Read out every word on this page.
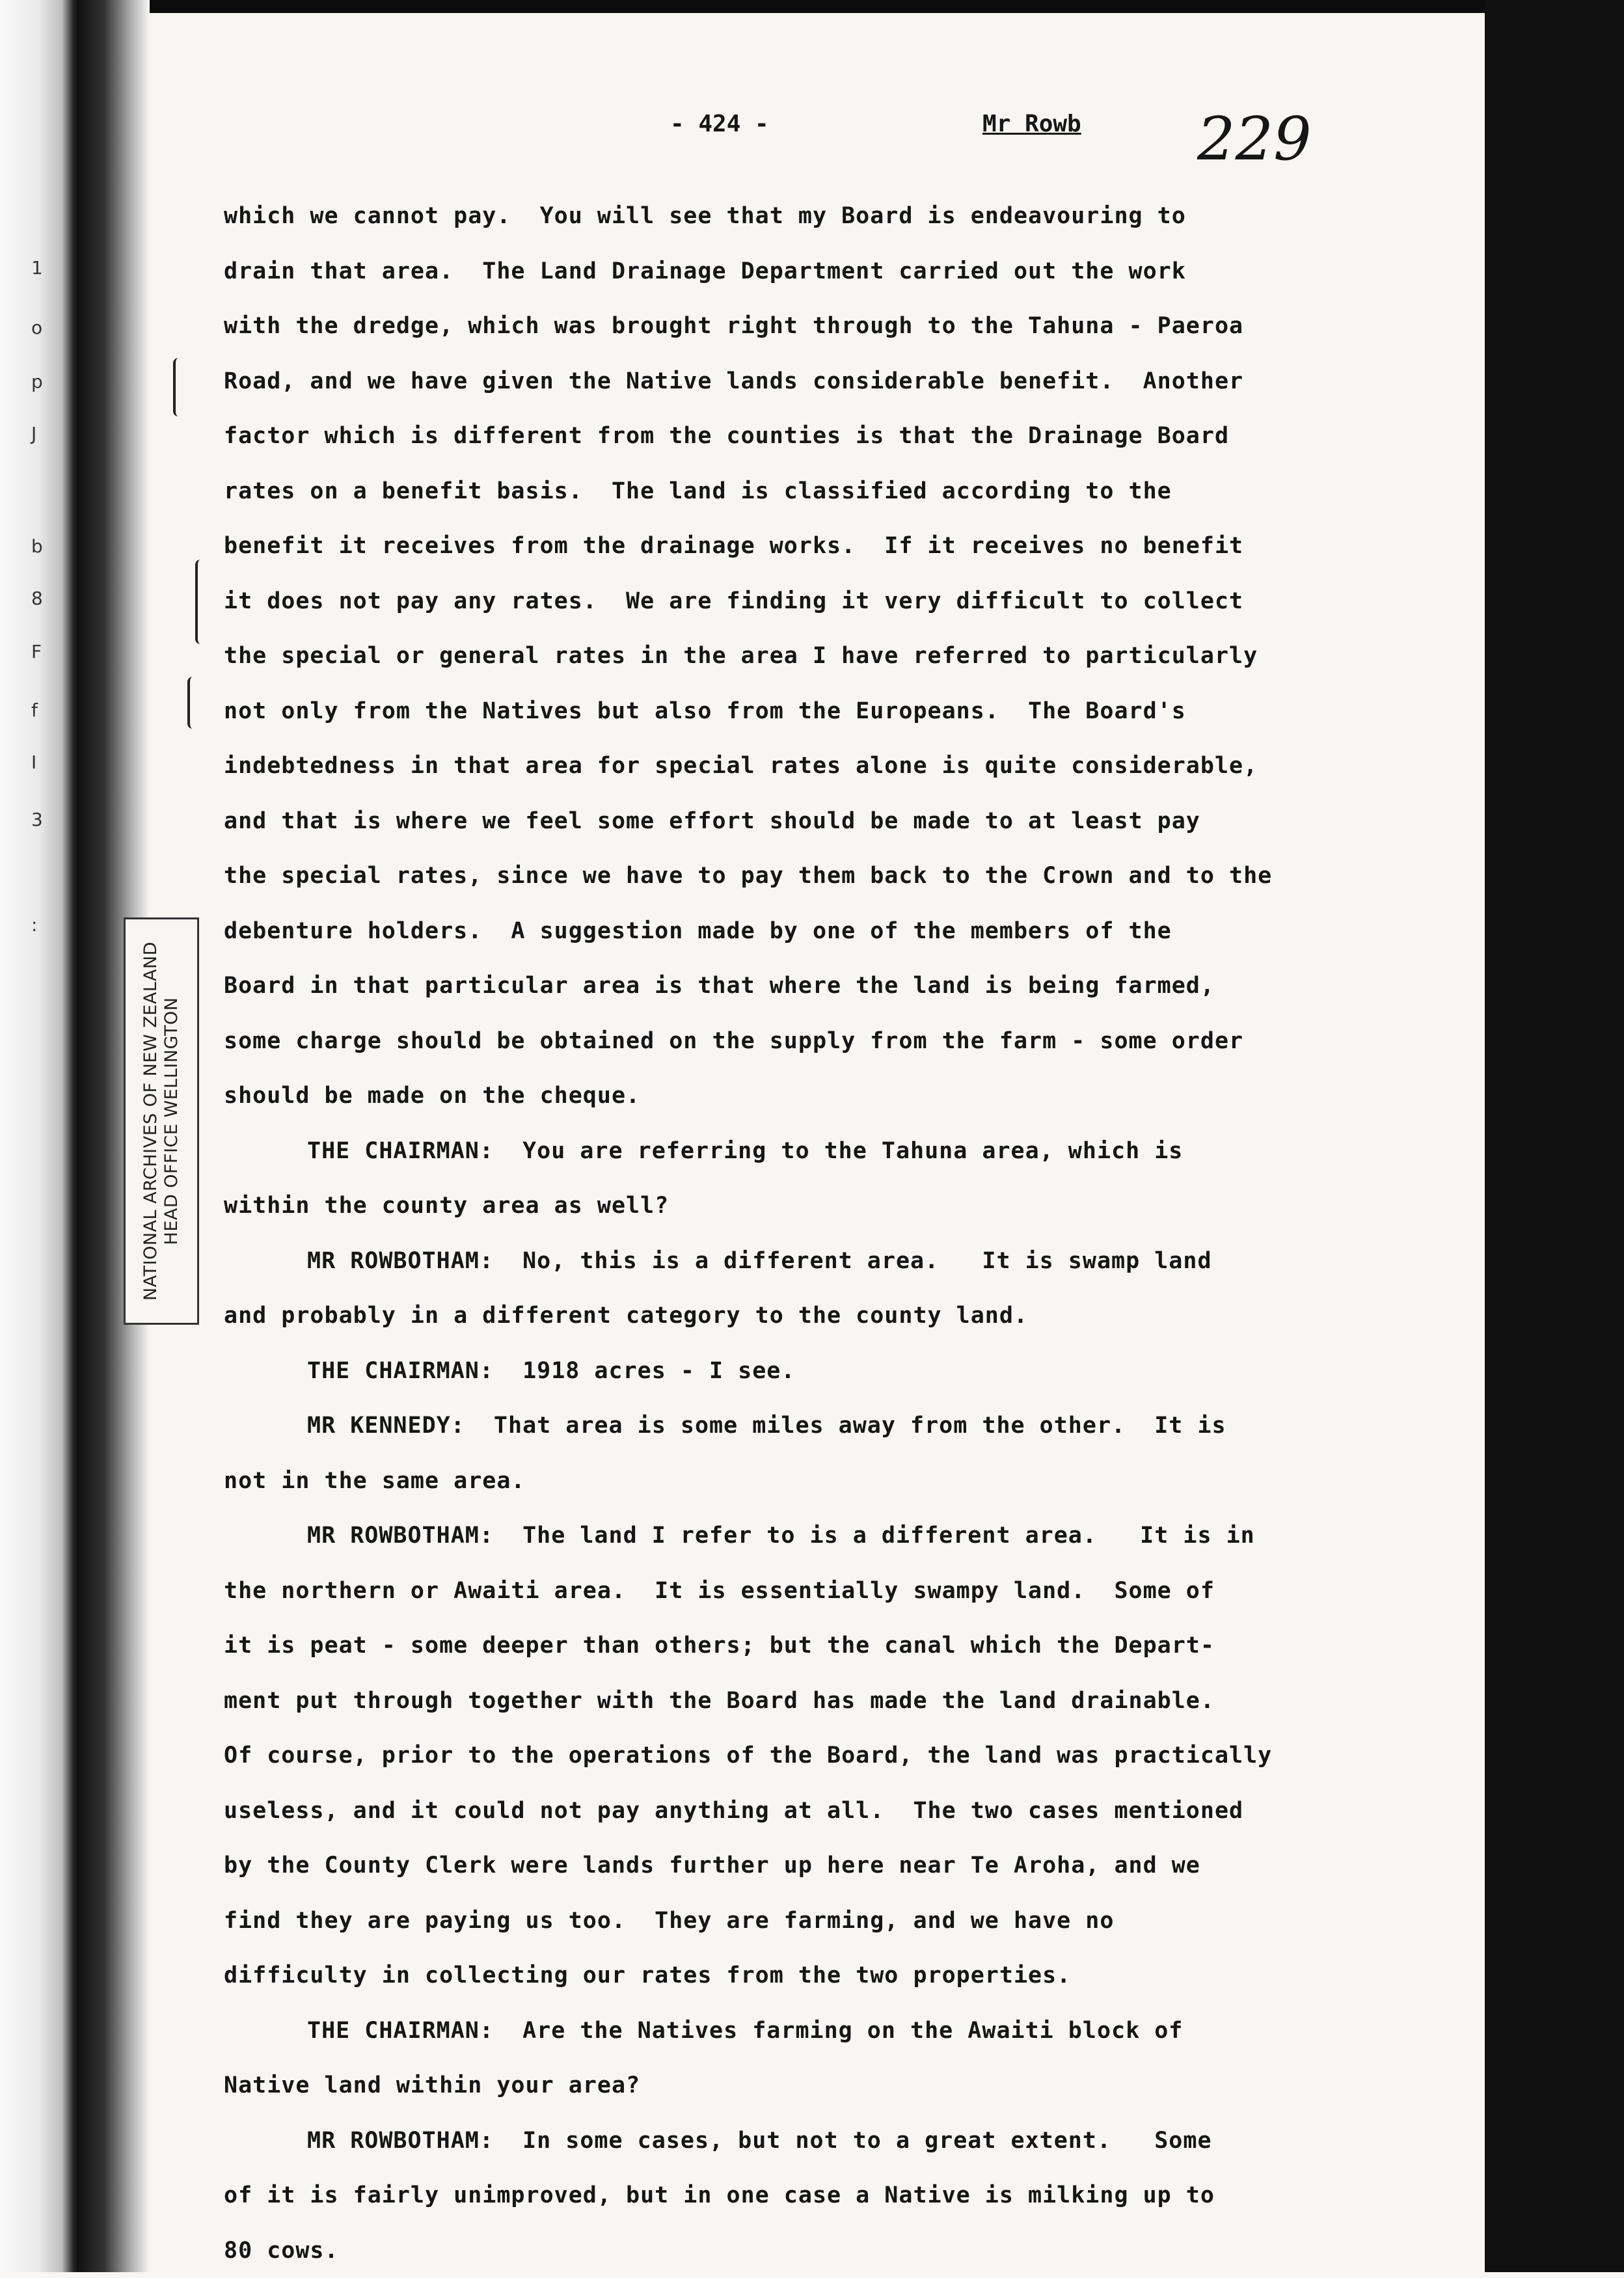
- 424 -	Mr Rowb 229
1
o
p
J
b
8
F
f
I
3
:
NATIONAL ARCHIVES OF NEW ZEALAND HEAD OFFICE WELLINGTON
which we cannot pay.  You will see that my Board is endeavouring to
drain that area.  The Land Drainage Department carried out the work
with the dredge, which was brought right through to the Tahuna - Paeroa
Road, and we have given the Native lands considerable benefit.  Another
factor which is different from the counties is that the Drainage Board
rates on a benefit basis.  The land is classified according to the
benefit it receives from the drainage works.  If it receives no benefit
it does not pay any rates.  We are finding it very difficult to collect
the special or general rates in the area I have referred to particularly
not only from the Natives but also from the Europeans.  The Board's
indebtedness in that area for special rates alone is quite considerable,
and that is where we feel some effort should be made to at least pay
the special rates, since we have to pay them back to the Crown and to the
debenture holders.  A suggestion made by one of the members of the
Board in that particular area is that where the land is being farmed,
some charge should be obtained on the supply from the farm - some order
should be made on the cheque.
THE CHAIRMAN:  You are referring to the Tahuna area, which is
within the county area as well?
MR ROWBOTHAM:  No, this is a different area.   It is swamp land
and probably in a different category to the county land.
THE CHAIRMAN:  1918 acres - I see.
MR KENNEDY:  That area is some miles away from the other.  It is
not in the same area.
MR ROWBOTHAM:  The land I refer to is a different area.   It is in
the northern or Awaiti area.  It is essentially swampy land.  Some of
it is peat - some deeper than others; but the canal which the Depart-
ment put through together with the Board has made the land drainable.
Of course, prior to the operations of the Board, the land was practically
useless, and it could not pay anything at all.  The two cases mentioned
by the County Clerk were lands further up here near Te Aroha, and we
find they are paying us too.  They are farming, and we have no
difficulty in collecting our rates from the two properties.
THE CHAIRMAN:  Are the Natives farming on the Awaiti block of
Native land within your area?
MR ROWBOTHAM:  In some cases, but not to a great extent.   Some
of it is fairly unimproved, but in one case a Native is milking up to
80 cows.
